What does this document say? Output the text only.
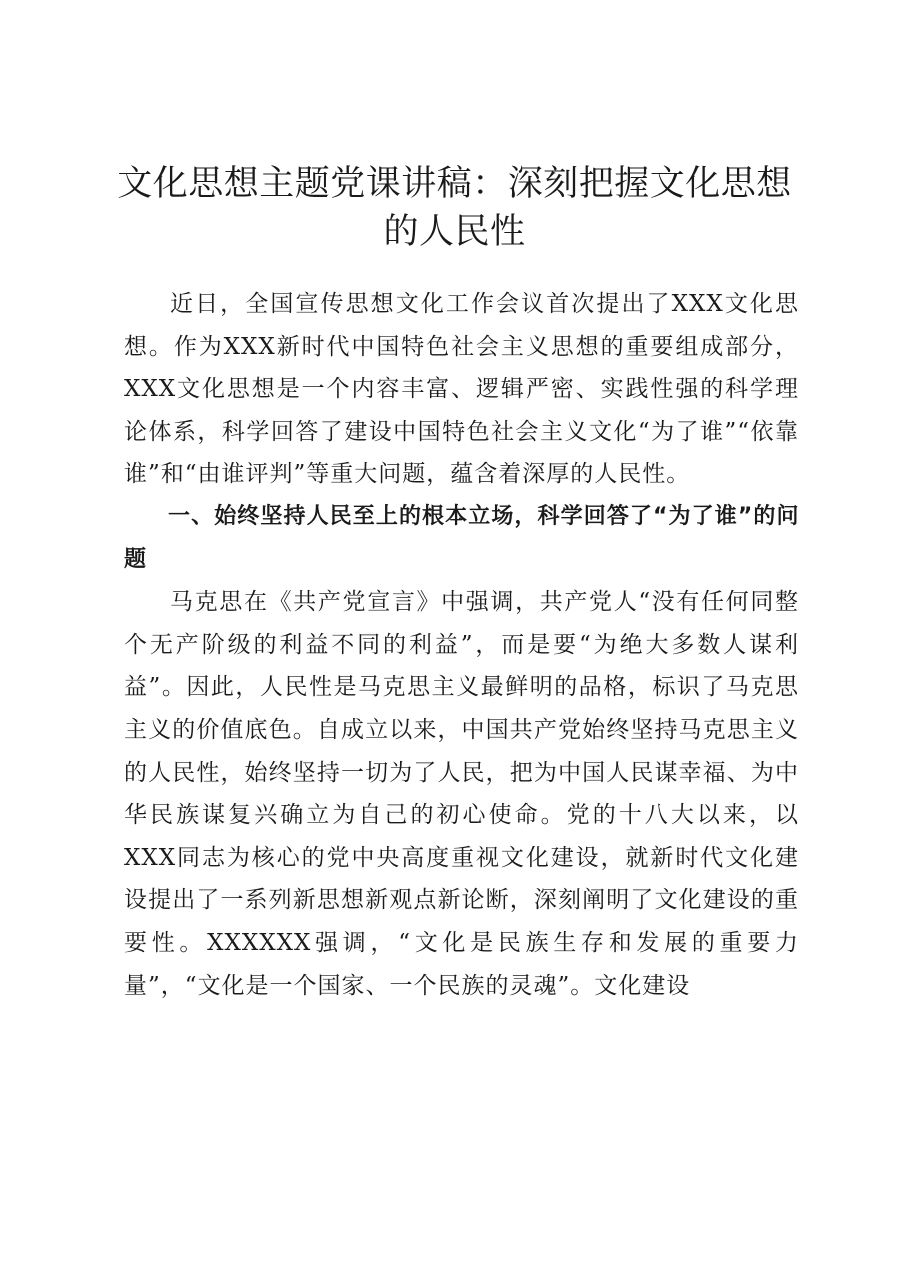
文化思想主题党课讲稿：深刻把握文化思想的人民性

近日，全国宣传思想文化工作会议首次提出了XXX文化思想。作为XXX新时代中国特色社会主义思想的重要组成部分，XXX文化思想是一个内容丰富、逻辑严密、实践性强的科学理论体系，科学回答了建设中国特色社会主义文化“为了谁”“依靠谁”和“由谁评判”等重大问题，蕴含着深厚的人民性。

一、始终坚持人民至上的根本立场，科学回答了“为了谁”的问题

马克思在《共产党宣言》中强调，共产党人“没有任何同整个无产阶级的利益不同的利益”，而是要“为绝大多数人谋利益”。因此，人民性是马克思主义最鲜明的品格，标识了马克思主义的价值底色。自成立以来，中国共产党始终坚持马克思主义的人民性，始终坚持一切为了人民，把为中国人民谋幸福、为中华民族谋复兴确立为自己的初心使命。党的十八大以来，以XXX同志为核心的党中央高度重视文化建设，就新时代文化建设提出了一系列新思想新观点新论断，深刻阐明了文化建设的重要性。XXXXXX强调，“文化是民族生存和发展的重要力量”，“文化是一个国家、一个民族的灵魂”。文化建设
